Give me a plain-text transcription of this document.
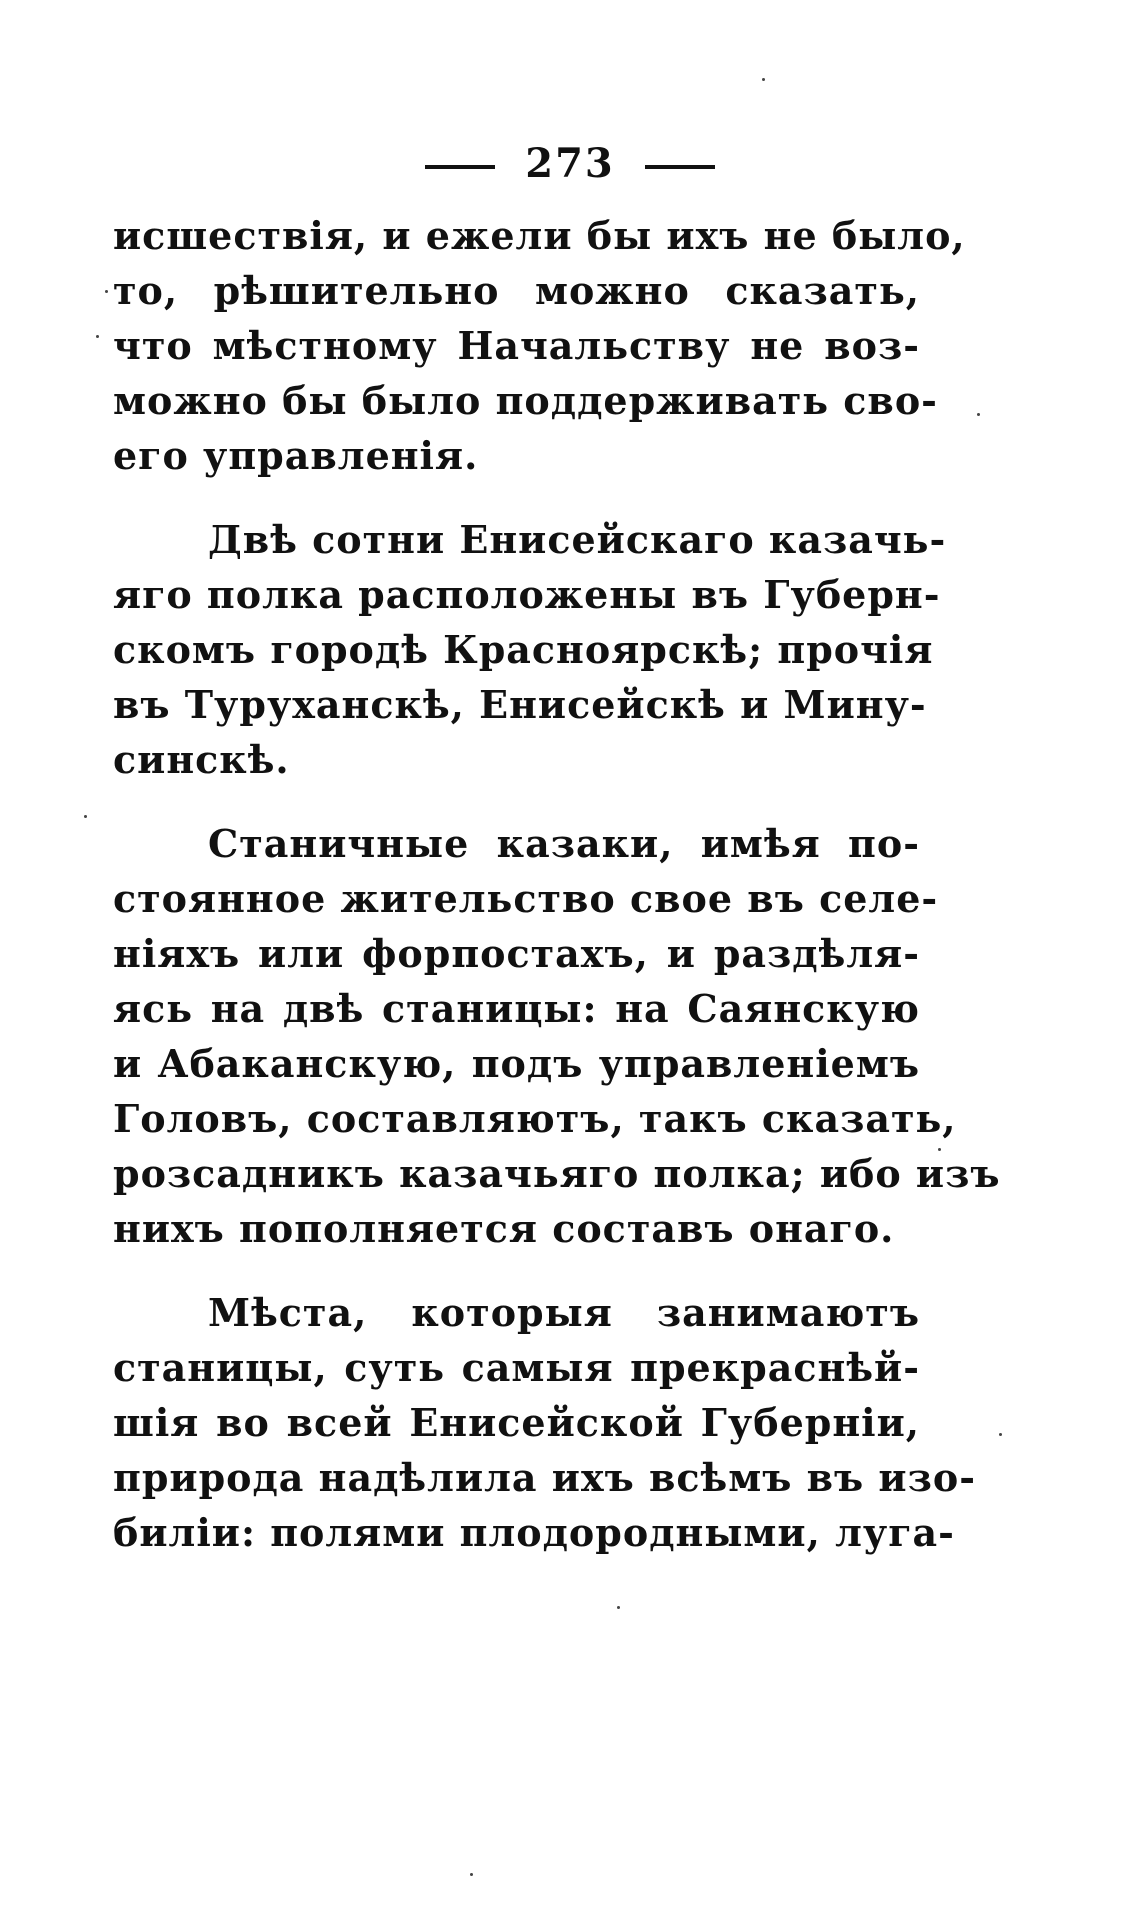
273
исшествія, и ежели бы ихъ не было,
то, рѣшительно можно сказать,
что мѣстному Начальству не воз-
можно бы было поддерживать сво-
его управленія.
Двѣ сотни Енисейскаго казачь-
яго полка расположены въ Губерн-
скомъ городѣ Красноярскѣ; прочія
въ Туруханскѣ, Енисейскѣ и Мину-
синскѣ.
Станичные казаки, имѣя по-
стоянное жительство свое въ селе-
ніяхъ или форпостахъ, и раздѣля-
ясь на двѣ станицы: на Саянскую
и Абаканскую, подъ управленіемъ
Головъ, составляютъ, такъ сказать,
розсадникъ казачьяго полка; ибо изъ
нихъ пополняется составъ онаго.
Мѣста, которыя занимаютъ
станицы, суть самыя прекраснѣй-
шія во всей Енисейской Губерніи,
природа надѣлила ихъ всѣмъ въ изо-
биліи: полями плодородными, луга-
